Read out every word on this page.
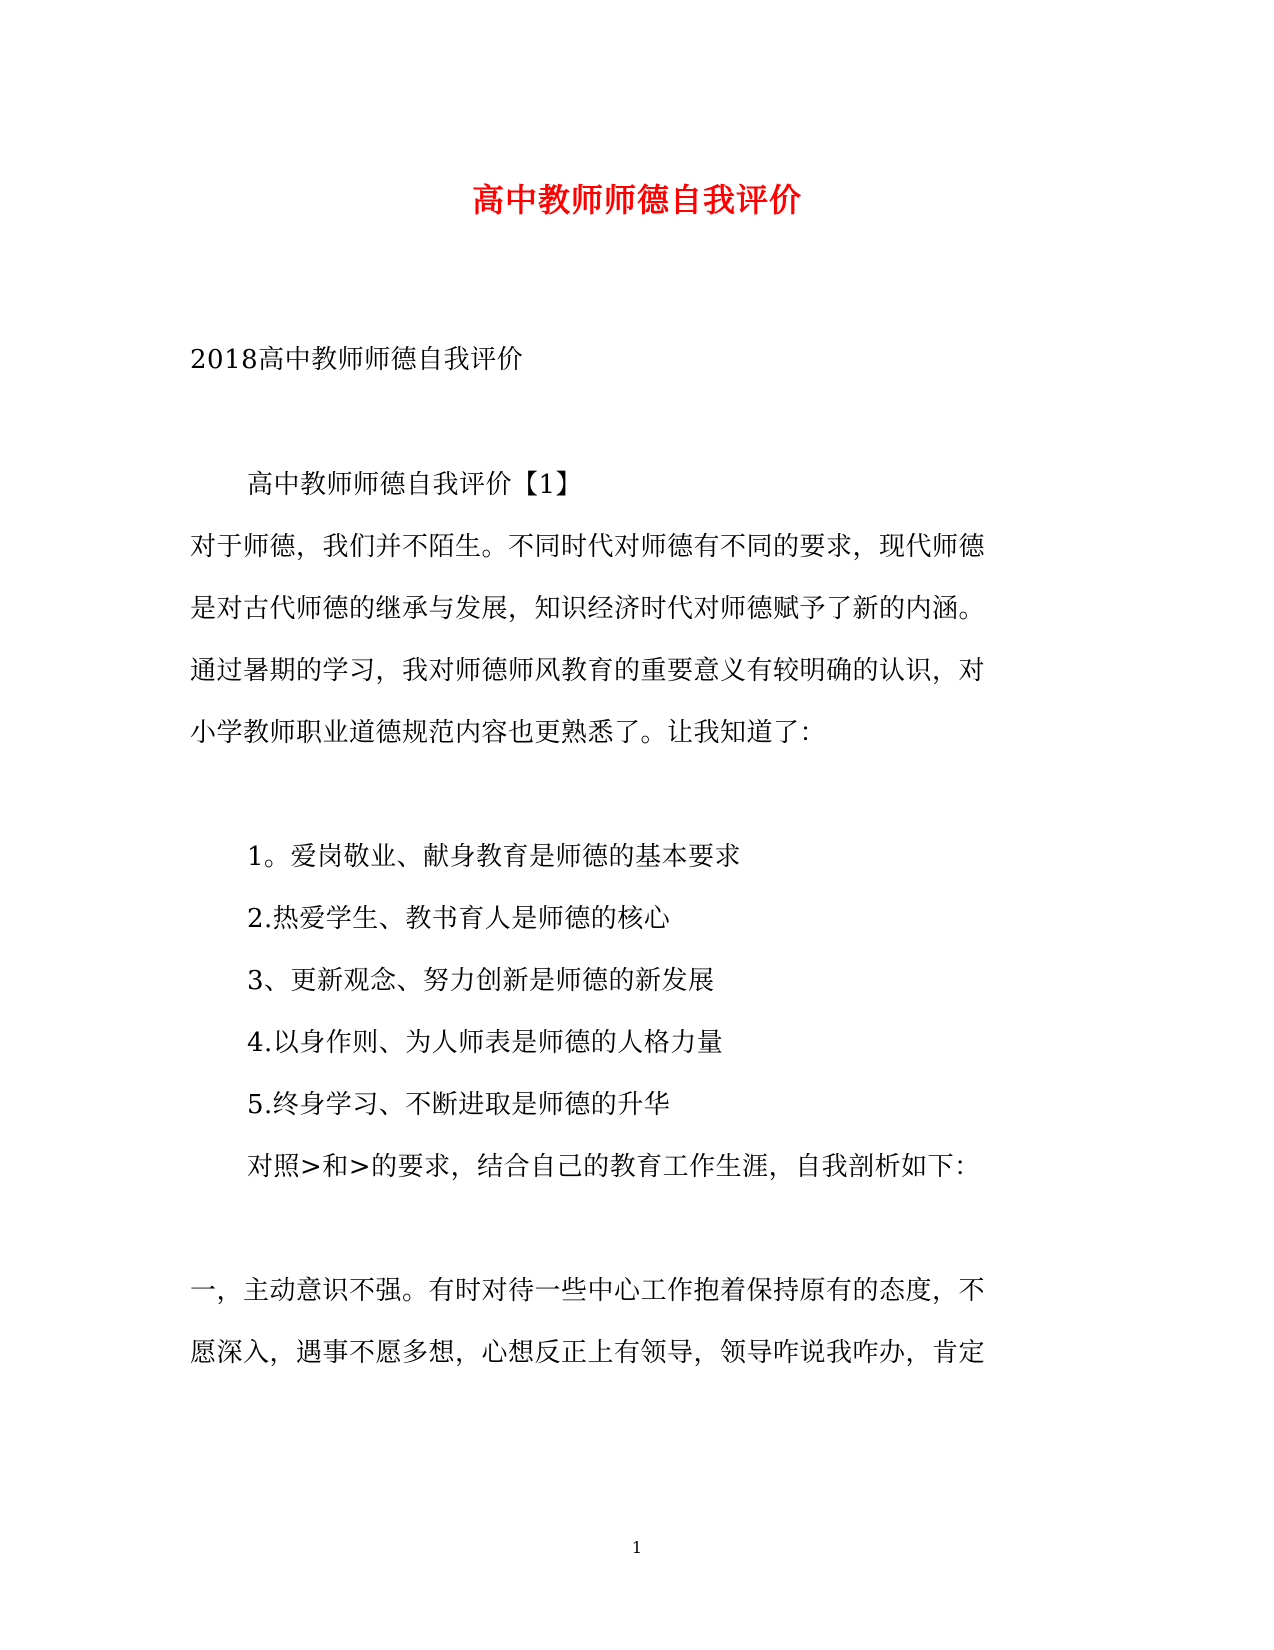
高中教师师德自我评价
2018高中教师师德自我评价
高中教师师德自我评价【1】
对于师德，我们并不陌生。不同时代对师德有不同的要求，现代师德
是对古代师德的继承与发展，知识经济时代对师德赋予了新的内涵。
通过暑期的学习，我对师德师风教育的重要意义有较明确的认识，对
小学教师职业道德规范内容也更熟悉了。让我知道了：
1。爱岗敬业、献身教育是师德的基本要求
2.热爱学生、教书育人是师德的核心
3、更新观念、努力创新是师德的新发展
4.以身作则、为人师表是师德的人格力量
5.终身学习、不断进取是师德的升华
对照>和>的要求，结合自己的教育工作生涯，自我剖析如下：
一，主动意识不强。有时对待一些中心工作抱着保持原有的态度，不
愿深入，遇事不愿多想，心想反正上有领导，领导咋说我咋办，肯定
1
